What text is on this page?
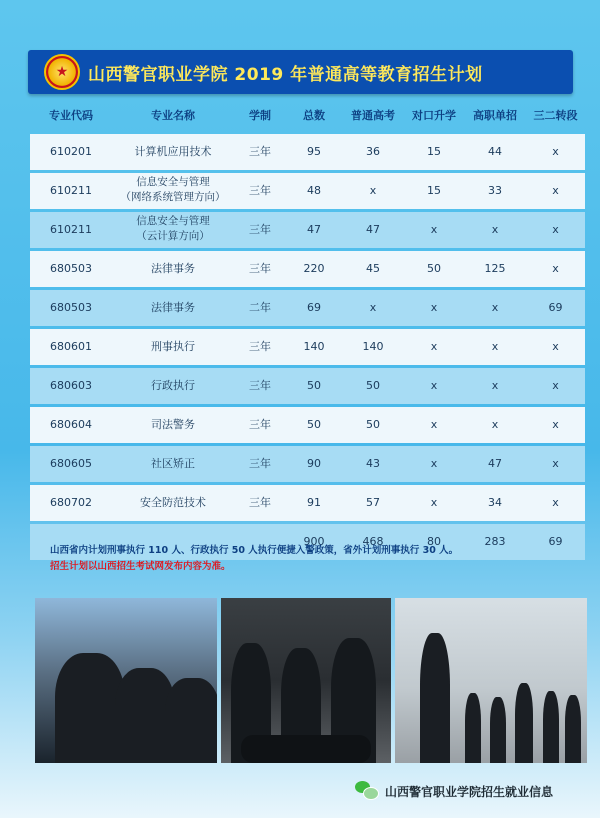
★	山西警官职业学院 2019 年普通高等教育招生计划
专业代码	专业名称	学制	总数	普通高考	对口升学	高职单招	三二转段
610201	计算机应用技术	三年	95	36	15	44	x

610211	信息安全与管理
（网络系统管理方向）	三年	48	x	15	33	x

610211	信息安全与管理
（云计算方向）	三年	47	47	x	x	x

680503	法律事务	三年	220	45	50	125	x

680503	法律事务	二年	69	x	x	x	69

680601	刑事执行	三年	140	140	x	x	x

680603	行政执行	三年	50	50	x	x	x

680604	司法警务	三年	50	50	x	x	x

680605	社区矫正	三年	90	43	x	47	x

680702	安全防范技术	三年	91	57	x	34	x

			900	468	80	283	69
山西省内计划刑事执行 110 人、行政执行 50 人执行便捷入警政策，省外计划刑事执行 30 人。
招生计划以山西招生考试网发布内容为准。
山西警官职业学院招生就业信息
